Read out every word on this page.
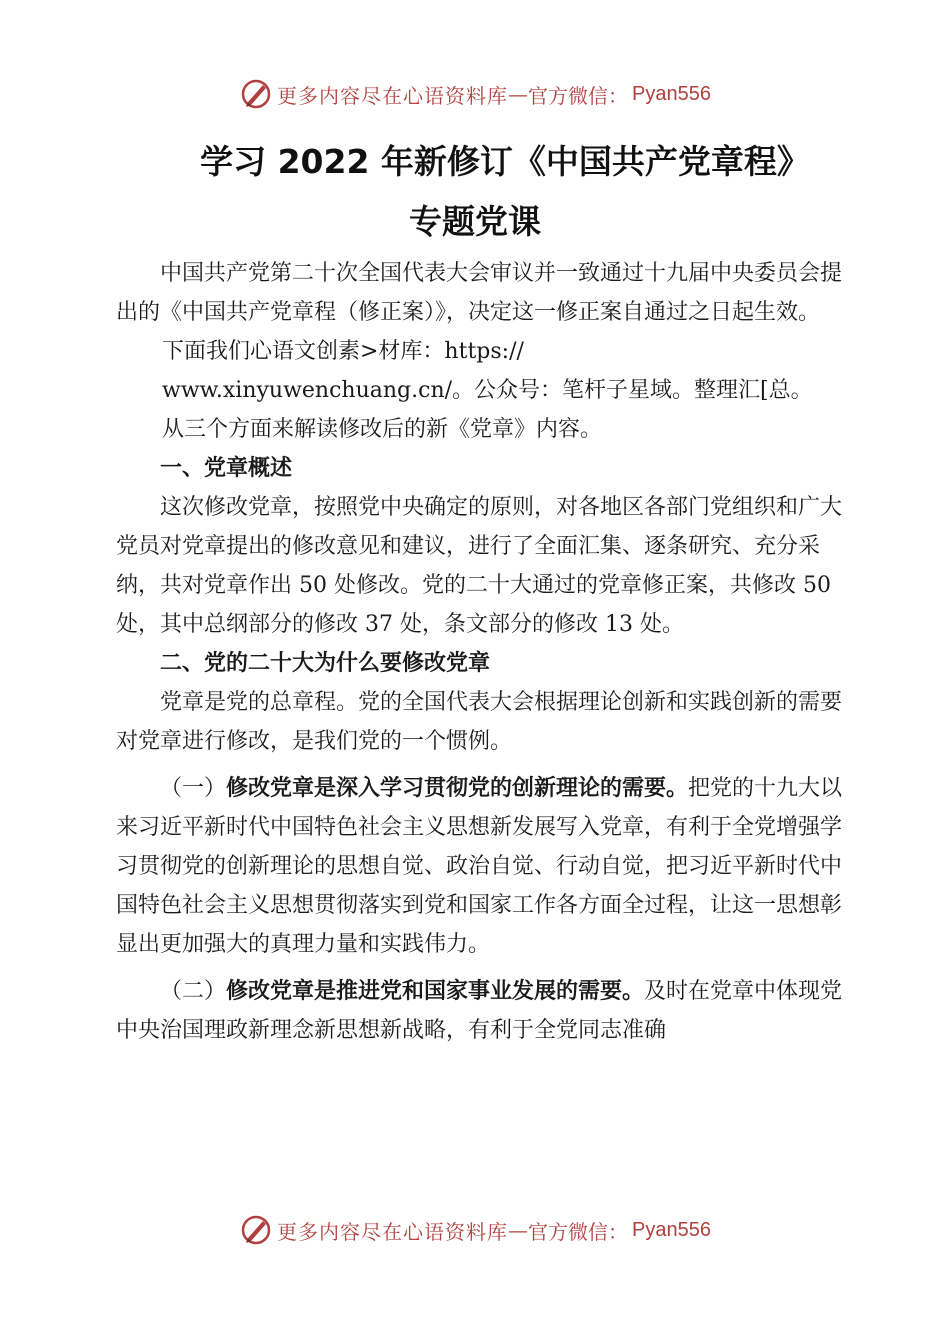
更多内容尽在心语资料库 — 官方微信： Pyan556
学习 2022 年新修订《中国共产党章程》
专题党课

中国共产党第二十次全国代表大会审议并一致通过十九届中央委员会提出的《中国共产党章程（修正案）》，决定这一修正案自通过之日起生效。

下面我们心语文创素>材库：https://

www.xinyuwenchuang.cn/。公众号：笔杆子星域。整理汇[总。

从三个方面来解读修改后的新《党章》内容。

一、党章概述

这次修改党章，按照党中央确定的原则，对各地区各部门党组织和广大党员对党章提出的修改意见和建议，进行了全面汇集、逐条研究、充分采纳，共对党章作出 50 处修改。党的二十大通过的党章修正案，共修改 50 处，其中总纲部分的修改 37 处，条文部分的修改 13 处。

二、党的二十大为什么要修改党章

党章是党的总章程。党的全国代表大会根据理论创新和实践创新的需要对党章进行修改，是我们党的一个惯例。

（一）修改党章是深入学习贯彻党的创新理论的需要。把党的十九大以来习近平新时代中国特色社会主义思想新发展写入党章，有利于全党增强学习贯彻党的创新理论的思想自觉、政治自觉、行动自觉，把习近平新时代中国特色社会主义思想贯彻落实到党和国家工作各方面全过程，让这一思想彰显出更加强大的真理力量和实践伟力。

（二）修改党章是推进党和国家事业发展的需要。及时在党章中体现党中央治国理政新理念新思想新战略，有利于全党同志准确

更多内容尽在心语资料库 — 官方微信： Pyan556
